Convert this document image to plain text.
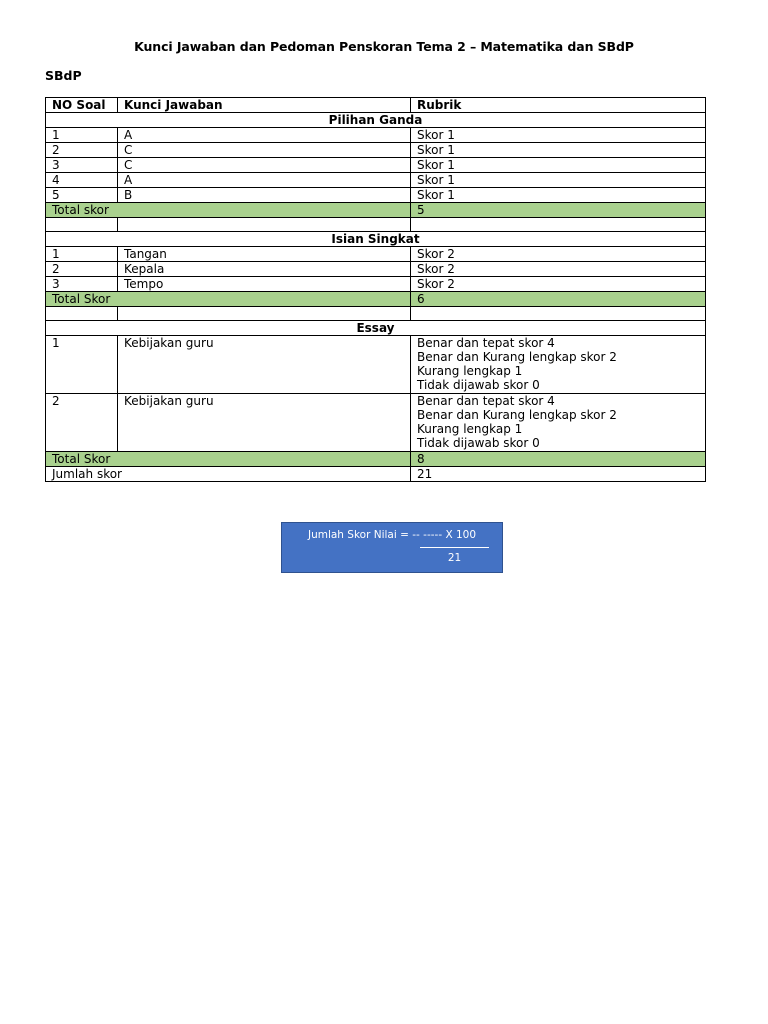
Kunci Jawaban dan Pedoman Penskoran Tema 2 – Matematika dan SBdP
SBdP
NO Soal	Kunci Jawaban	Rubrik
Pilihan Ganda		
1	A	Skor 1
2	C	Skor 1
3	C	Skor 1
4	A	Skor 1
5	B	Skor 1
Total skor		5

Isian Singkat		
1	Tangan	Skor 2
2	Kepala	Skor 2
3	Tempo	Skor 2
Total Skor		6

Essay		
1	Kebijakan guru	Benar dan tepat skor 4
Benar dan Kurang lengkap skor 2
Kurang lengkap 1
Tidak dijawab skor 0

2	Kebijakan guru	Benar dan tepat skor 4
Benar dan Kurang lengkap skor 2
Kurang lengkap 1
Tidak dijawab skor 0

Total Skor		8
Jumlah skor		21
Jumlah Skor Nilai = -- ----- X 100
21
